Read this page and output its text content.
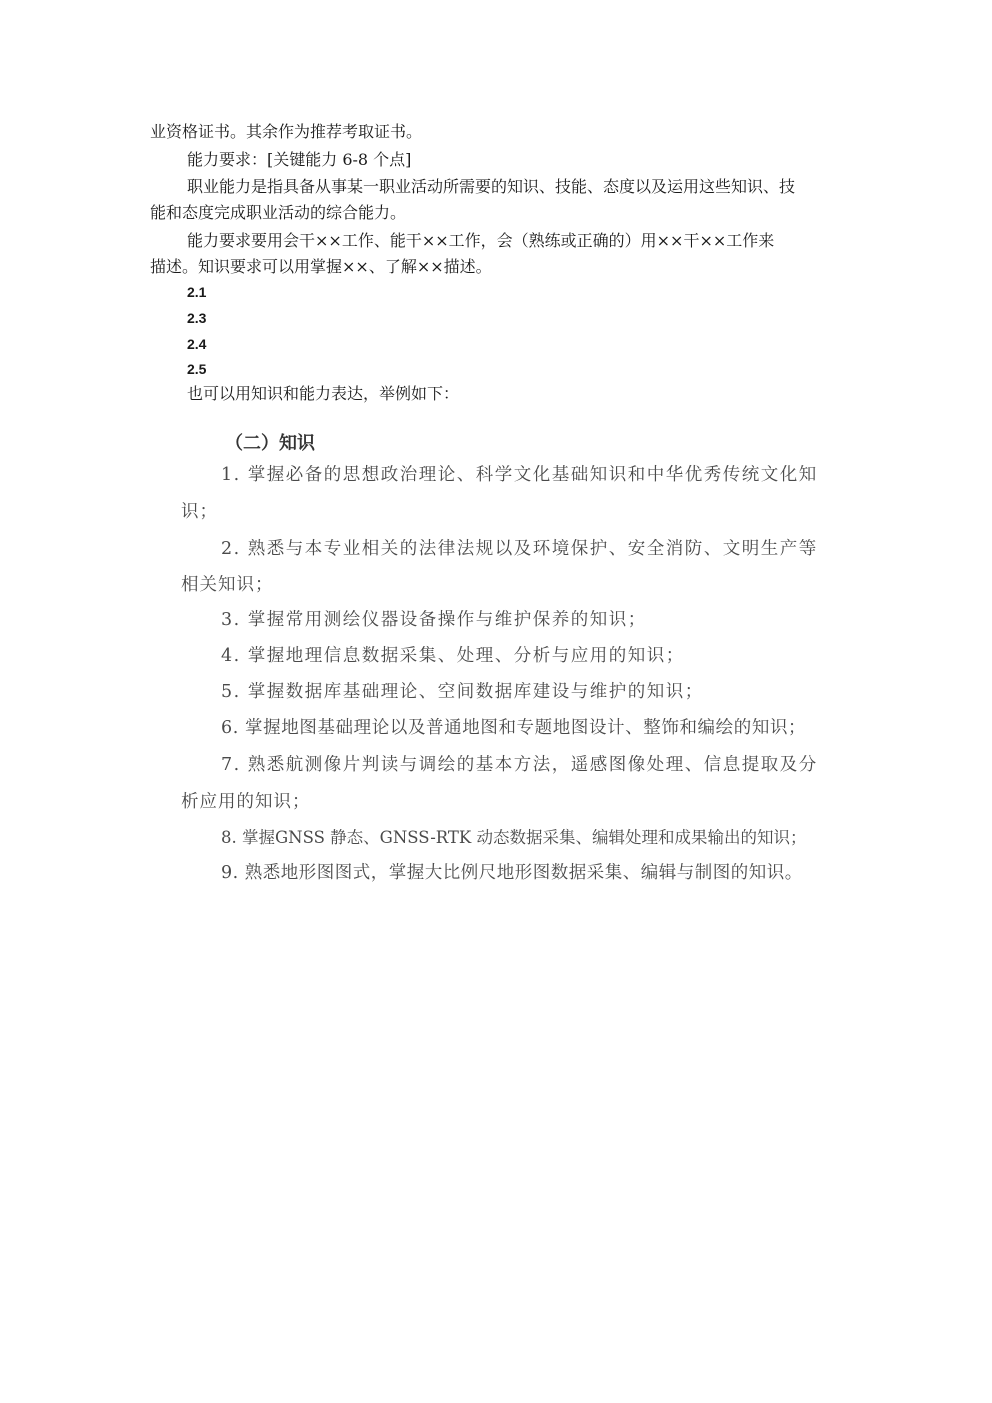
业资格证书。其余作为推荐考取证书。
能力要求：[关键能力 6-8 个点]
职业能力是指具备从事某一职业活动所需要的知识、技能、态度以及运用这些知识、技
能和态度完成职业活动的综合能力。
能力要求要用会干××工作、能干××工作，会（熟练或正确的）用××干××工作来
描述。知识要求可以用掌握××、了解××描述。
2.1
2.3
2.4
2.5
也可以用知识和能力表达，举例如下：
（二）知识
1. 掌握必备的思想政治理论、科学文化基础知识和中华优秀传统文化知
识；
2. 熟悉与本专业相关的法律法规以及环境保护、安全消防、文明生产等
相关知识；
3. 掌握常用测绘仪器设备操作与维护保养的知识；
4. 掌握地理信息数据采集、处理、分析与应用的知识；
5. 掌握数据库基础理论、空间数据库建设与维护的知识；
6. 掌握地图基础理论以及普通地图和专题地图设计、整饰和编绘的知识；
7. 熟悉航测像片判读与调绘的基本方法，遥感图像处理、信息提取及分
析应用的知识；
8. 掌握GNSS 静态、GNSS-RTK 动态数据采集、编辑处理和成果输出的知识；
9. 熟悉地形图图式，掌握大比例尺地形图数据采集、编辑与制图的知识。
